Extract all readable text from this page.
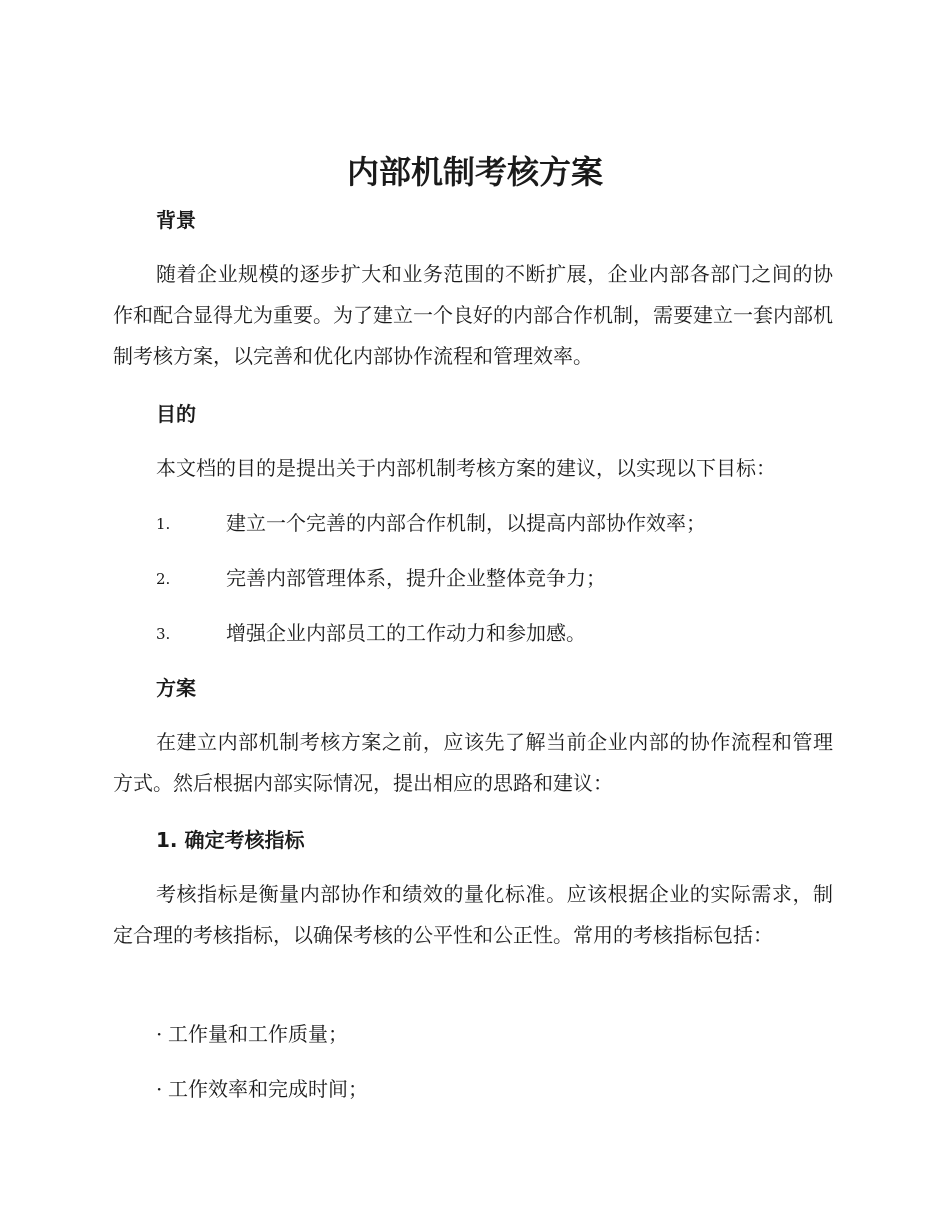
内部机制考核方案
背景

随着企业规模的逐步扩大和业务范围的不断扩展，企业内部各部门之间的协作和配合显得尤为重要。为了建立一个良好的内部合作机制，需要建立一套内部机制考核方案，以完善和优化内部协作流程和管理效率。

目的

本文档的目的是提出关于内部机制考核方案的建议，以实现以下目标：

1.	建立一个完善的内部合作机制，以提高内部协作效率；
2.	完善内部管理体系，提升企业整体竞争力；
3.	增强企业内部员工的工作动力和参加感。
方案

在建立内部机制考核方案之前，应该先了解当前企业内部的协作流程和管理方式。然后根据内部实际情况，提出相应的思路和建议：

1. 确定考核指标

考核指标是衡量内部协作和绩效的量化标准。应该根据企业的实际需求，制定合理的考核指标，以确保考核的公平性和公正性。常用的考核指标包括：

· 工作量和工作质量；
· 工作效率和完成时间；
